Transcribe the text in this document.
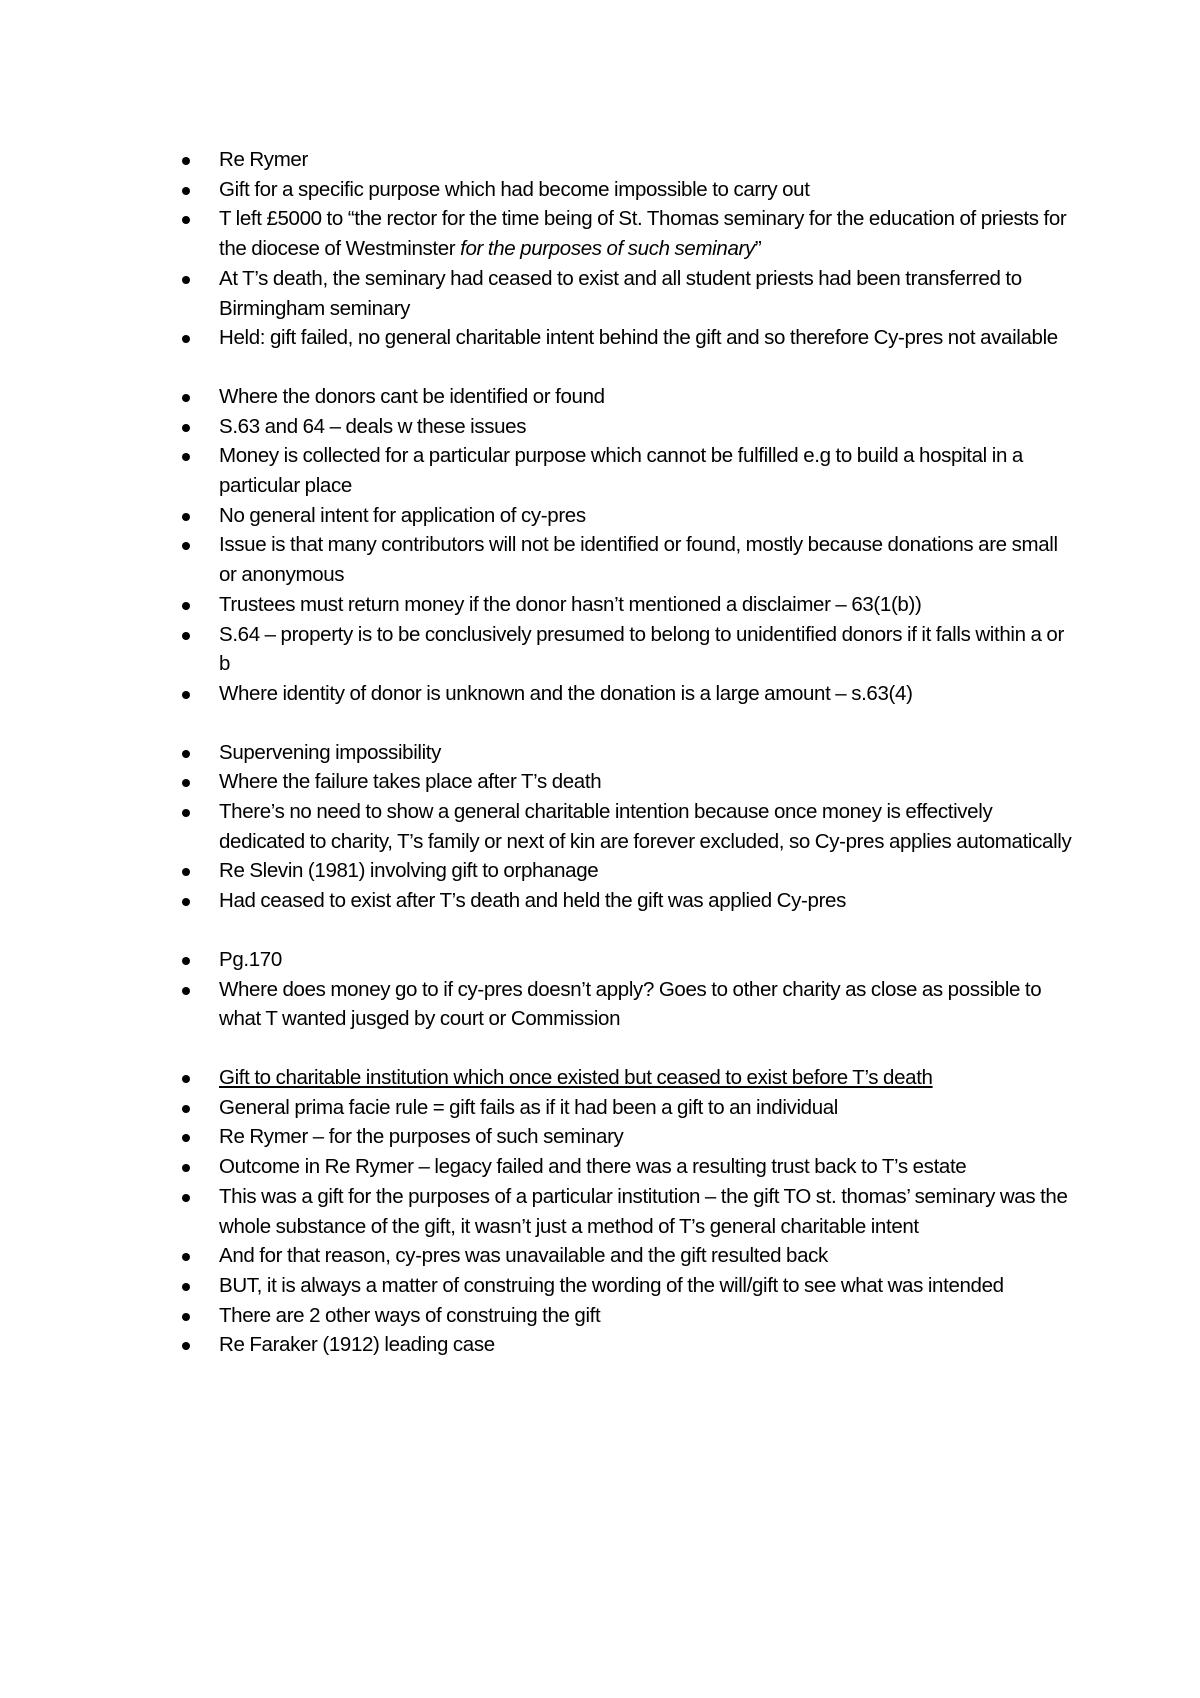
Re Rymer
Gift for a specific purpose which had become impossible to carry out
T left £5000 to “the rector for the time being of St. Thomas seminary for the education of priests for the diocese of Westminster for the purposes of such seminary”
At T’s death, the seminary had ceased to exist and all student priests had been transferred to Birmingham seminary
Held: gift failed, no general charitable intent behind the gift and so therefore Cy-pres not available
Where the donors cant be identified or found
S.63 and 64 – deals w these issues
Money is collected for a particular purpose which cannot be fulfilled e.g to build a hospital in a particular place
No general intent for application of cy-pres
Issue is that many contributors will not be identified or found, mostly because donations are small or anonymous
Trustees must return money if the donor hasn’t mentioned a disclaimer – 63(1(b))
S.64 – property is to be conclusively presumed to belong to unidentified donors if it falls within a or b
Where identity of donor is unknown and the donation is a large amount – s.63(4)
Supervening impossibility
Where the failure takes place after T’s death
There’s no need to show a general charitable intention because once money is effectively dedicated to charity, T’s family or next of kin are forever excluded, so Cy-pres applies automatically
Re Slevin (1981) involving gift to orphanage
Had ceased to exist after T’s death and held the gift was applied Cy-pres
Pg.170
Where does money go to if cy-pres doesn’t apply? Goes to other charity as close as possible to what T wanted jusged by court or Commission
Gift to charitable institution which once existed but ceased to exist before T’s death
General prima facie rule = gift fails as if it had been a gift to an individual
Re Rymer – for the purposes of such seminary
Outcome in Re Rymer – legacy failed and there was a resulting trust back to T’s estate
This was a gift for the purposes of a particular institution – the gift TO st. thomas’ seminary was the whole substance of the gift, it wasn’t just a method of T’s general charitable intent
And for that reason, cy-pres was unavailable and the gift resulted back
BUT, it is always a matter of construing the wording of the will/gift to see what was intended
There are 2 other ways of construing the gift
Re Faraker (1912) leading case
